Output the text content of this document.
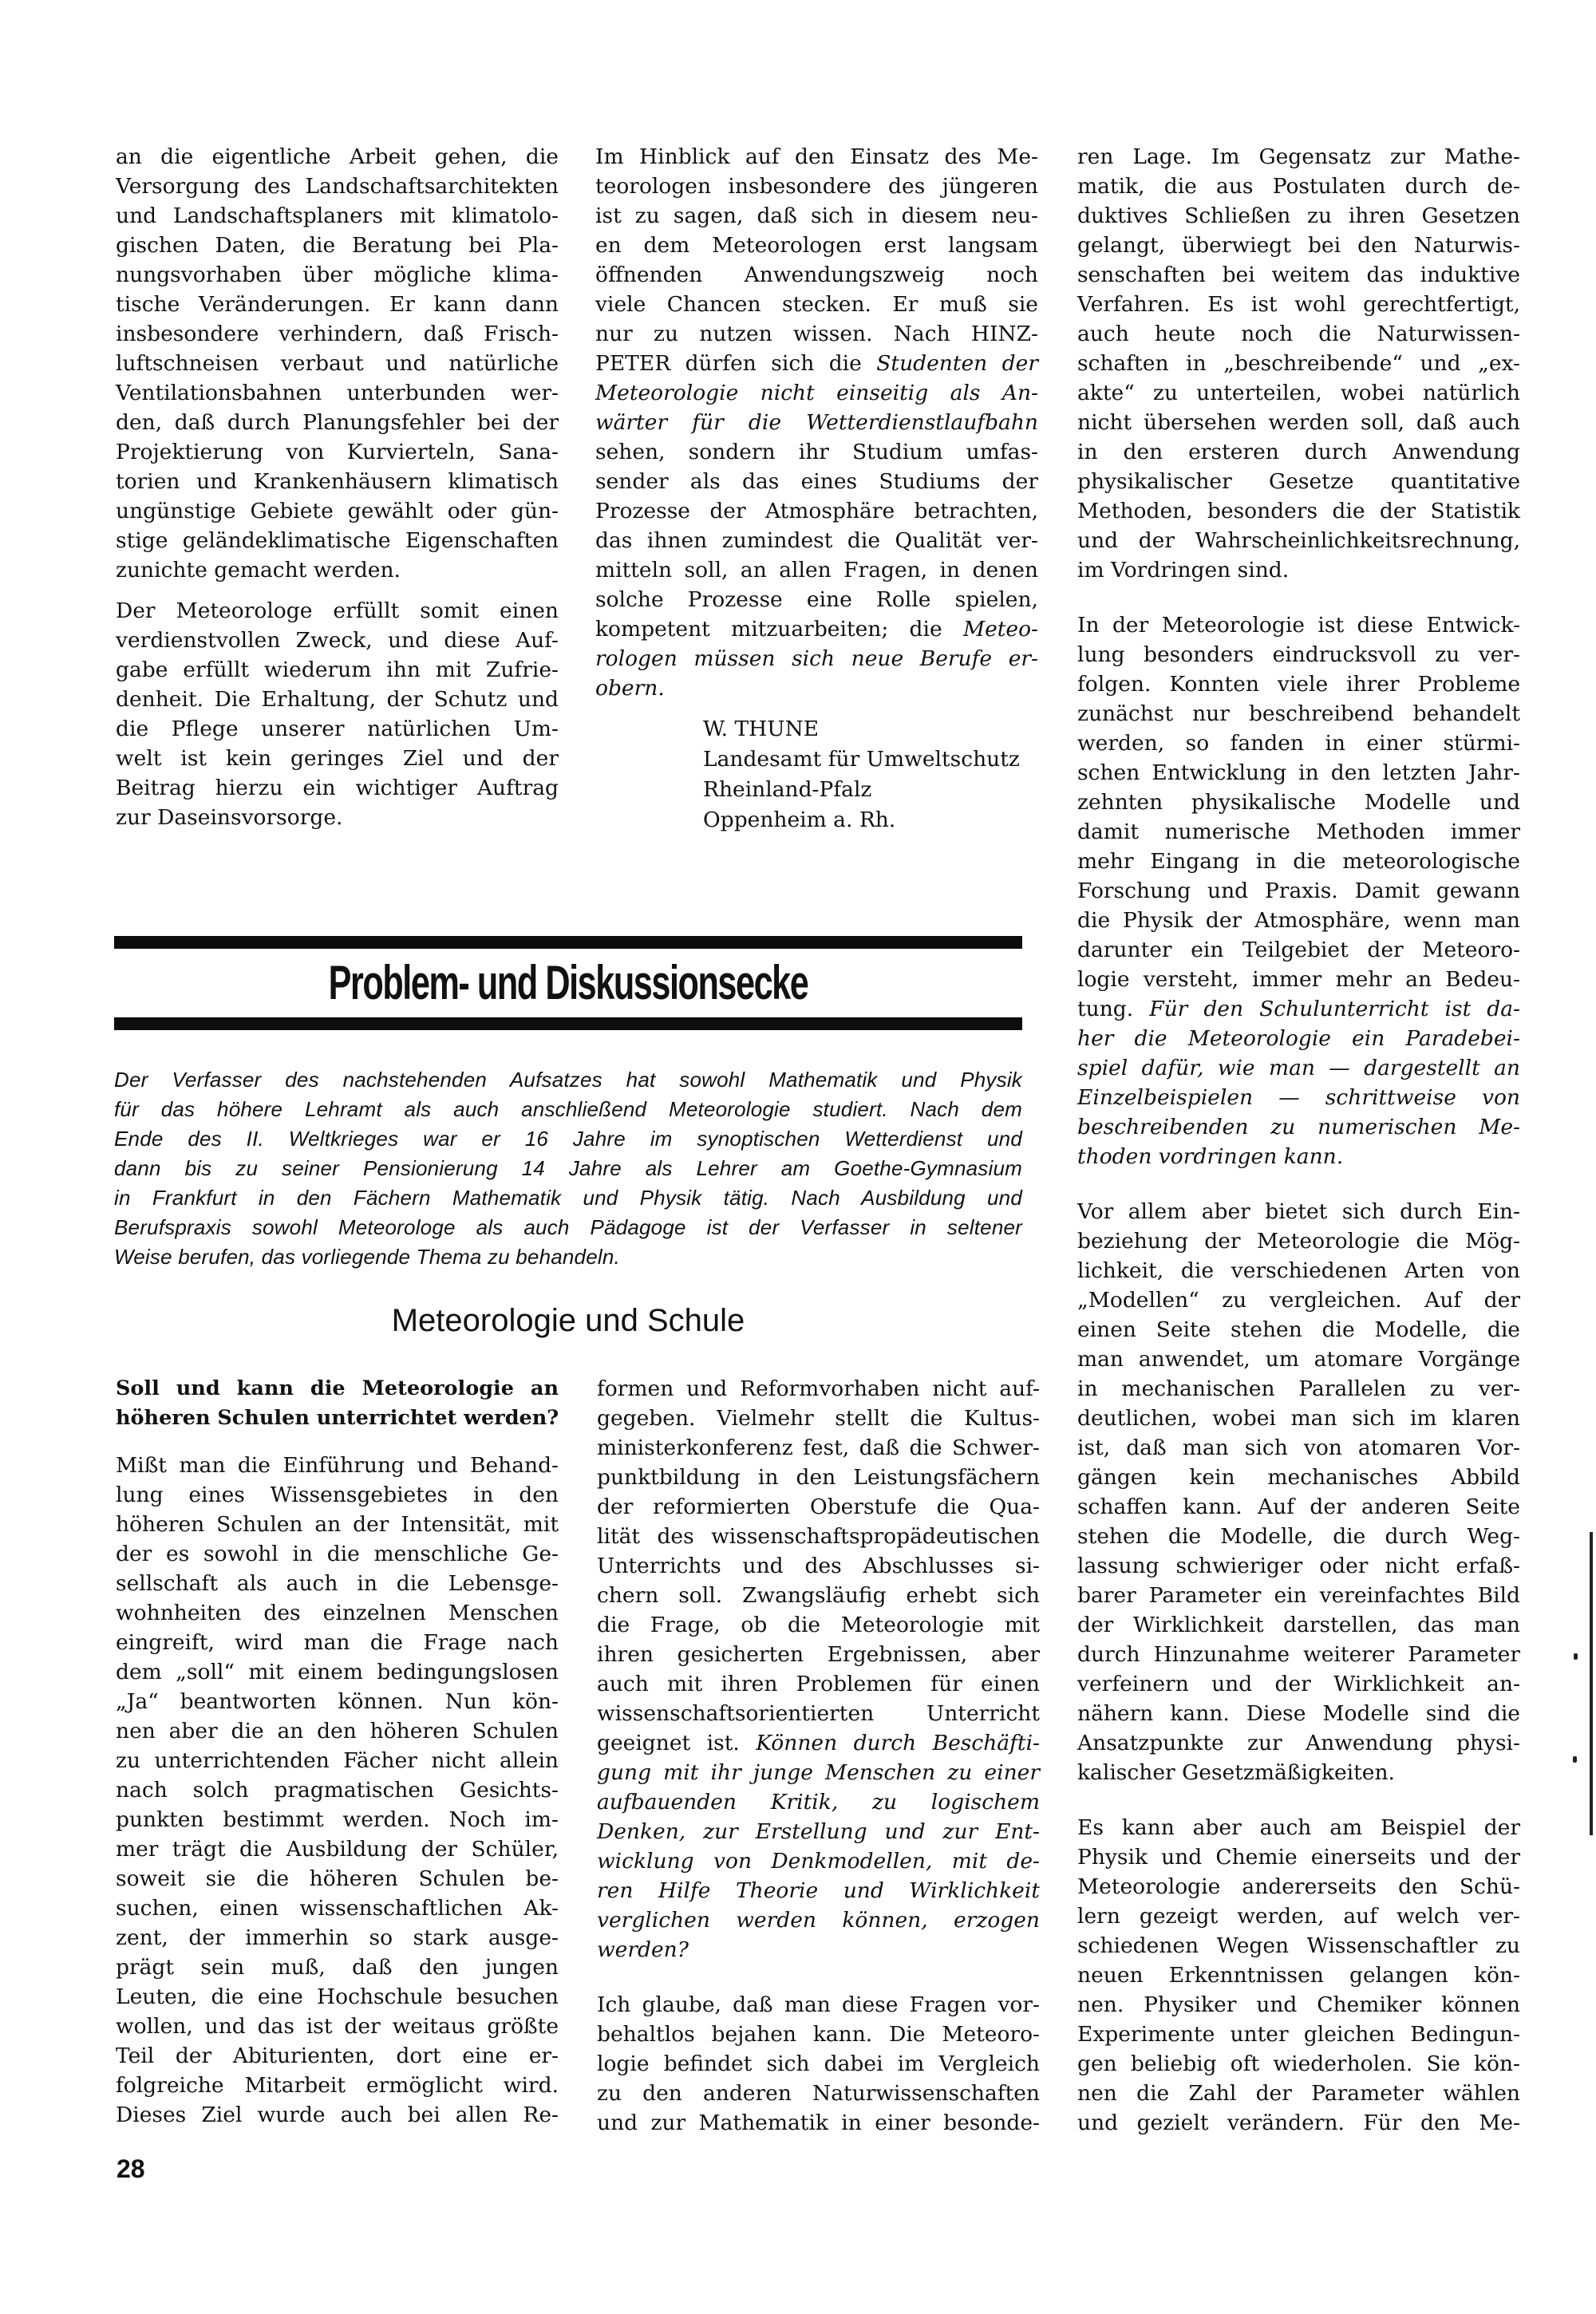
an die eigentliche Arbeit gehen, die
Versorgung des Landschaftsarchitekten
und Landschaftsplaners mit klimatolo-
gischen Daten, die Beratung bei Pla-
nungsvorhaben über mögliche klima-
tische Veränderungen. Er kann dann
insbesondere verhindern, daß Frisch-
luftschneisen verbaut und natürliche
Ventilationsbahnen unterbunden wer-
den, daß durch Planungsfehler bei der
Projektierung von Kurvierteln, Sana-
torien und Krankenhäusern klimatisch
ungünstige Gebiete gewählt oder gün-
stige geländeklimatische Eigenschaften
zunichte gemacht werden.

Der Meteorologe erfüllt somit einen
verdienstvollen Zweck, und diese Auf-
gabe erfüllt wiederum ihn mit Zufrie-
denheit. Die Erhaltung, der Schutz und
die Pflege unserer natürlichen Um-
welt ist kein geringes Ziel und der
Beitrag hierzu ein wichtiger Auftrag
zur Daseinsvorsorge.

Im Hinblick auf den Einsatz des Me-
teorologen insbesondere des jüngeren
ist zu sagen, daß sich in diesem neu-
en dem Meteorologen erst langsam
öffnenden Anwendungszweig noch
viele Chancen stecken. Er muß sie
nur zu nutzen wissen. Nach HINZ-
PETER dürfen sich die Studenten der
Meteorologie nicht einseitig als An-
wärter für die Wetterdienstlaufbahn
sehen, sondern ihr Studium umfas-
sender als das eines Studiums der
Prozesse der Atmosphäre betrachten,
das ihnen zumindest die Qualität ver-
mitteln soll, an allen Fragen, in denen
solche Prozesse eine Rolle spielen,
kompetent mitzuarbeiten; die Meteo-
rologen müssen sich neue Berufe er-
obern.

W. THUNE
Landesamt für Umweltschutz
Rheinland-Pfalz
Oppenheim a. Rh.
Problem- und Diskussionsecke
Der Verfasser des nachstehenden Aufsatzes hat sowohl Mathematik und Physik
für das höhere Lehramt als auch anschließend Meteorologie studiert. Nach dem
Ende des II. Weltkrieges war er 16 Jahre im synoptischen Wetterdienst und
dann bis zu seiner Pensionierung 14 Jahre als Lehrer am Goethe-Gymnasium
in Frankfurt in den Fächern Mathematik und Physik tätig. Nach Ausbildung und
Berufspraxis sowohl Meteorologe als auch Pädagoge ist der Verfasser in seltener
Weise berufen, das vorliegende Thema zu behandeln.
Meteorologie und Schule

Soll und kann die Meteorologie an
höheren Schulen unterrichtet werden?

Mißt man die Einführung und Behand-
lung eines Wissensgebietes in den
höheren Schulen an der Intensität, mit
der es sowohl in die menschliche Ge-
sellschaft als auch in die Lebensge-
wohnheiten des einzelnen Menschen
eingreift, wird man die Frage nach
dem „soll“ mit einem bedingungslosen
„Ja“ beantworten können. Nun kön-
nen aber die an den höheren Schulen
zu unterrichtenden Fächer nicht allein
nach solch pragmatischen Gesichts-
punkten bestimmt werden. Noch im-
mer trägt die Ausbildung der Schüler,
soweit sie die höheren Schulen be-
suchen, einen wissenschaftlichen Ak-
zent, der immerhin so stark ausge-
prägt sein muß, daß den jungen
Leuten, die eine Hochschule besuchen
wollen, und das ist der weitaus größte
Teil der Abiturienten, dort eine er-
folgreiche Mitarbeit ermöglicht wird.
Dieses Ziel wurde auch bei allen Re-

formen und Reformvorhaben nicht auf-
gegeben. Vielmehr stellt die Kultus-
ministerkonferenz fest, daß die Schwer-
punktbildung in den Leistungsfächern
der reformierten Oberstufe die Qua-
lität des wissenschaftspropädeutischen
Unterrichts und des Abschlusses si-
chern soll. Zwangsläufig erhebt sich
die Frage, ob die Meteorologie mit
ihren gesicherten Ergebnissen, aber
auch mit ihren Problemen für einen
wissenschaftsorientierten Unterricht
geeignet ist. Können durch Beschäfti-
gung mit ihr junge Menschen zu einer
aufbauenden Kritik, zu logischem
Denken, zur Erstellung und zur Ent-
wicklung von Denkmodellen, mit de-
ren Hilfe Theorie und Wirklichkeit
verglichen werden können, erzogen
werden?

Ich glaube, daß man diese Fragen vor-
behaltlos bejahen kann. Die Meteoro-
logie befindet sich dabei im Vergleich
zu den anderen Naturwissenschaften
und zur Mathematik in einer besonde-

ren Lage. Im Gegensatz zur Mathe-
matik, die aus Postulaten durch de-
duktives Schließen zu ihren Gesetzen
gelangt, überwiegt bei den Naturwis-
senschaften bei weitem das induktive
Verfahren. Es ist wohl gerechtfertigt,
auch heute noch die Naturwissen-
schaften in „beschreibende“ und „ex-
akte“ zu unterteilen, wobei natürlich
nicht übersehen werden soll, daß auch
in den ersteren durch Anwendung
physikalischer Gesetze quantitative
Methoden, besonders die der Statistik
und der Wahrscheinlichkeitsrechnung,
im Vordringen sind.

In der Meteorologie ist diese Entwick-
lung besonders eindrucksvoll zu ver-
folgen. Konnten viele ihrer Probleme
zunächst nur beschreibend behandelt
werden, so fanden in einer stürmi-
schen Entwicklung in den letzten Jahr-
zehnten physikalische Modelle und
damit numerische Methoden immer
mehr Eingang in die meteorologische
Forschung und Praxis. Damit gewann
die Physik der Atmosphäre, wenn man
darunter ein Teilgebiet der Meteoro-
logie versteht, immer mehr an Bedeu-
tung. Für den Schulunterricht ist da-
her die Meteorologie ein Paradebei-
spiel dafür, wie man — dargestellt an
Einzelbeispielen — schrittweise von
beschreibenden zu numerischen Me-
thoden vordringen kann.

Vor allem aber bietet sich durch Ein-
beziehung der Meteorologie die Mög-
lichkeit, die verschiedenen Arten von
„Modellen“ zu vergleichen. Auf der
einen Seite stehen die Modelle, die
man anwendet, um atomare Vorgänge
in mechanischen Parallelen zu ver-
deutlichen, wobei man sich im klaren
ist, daß man sich von atomaren Vor-
gängen kein mechanisches Abbild
schaffen kann. Auf der anderen Seite
stehen die Modelle, die durch Weg-
lassung schwieriger oder nicht erfaß-
barer Parameter ein vereinfachtes Bild
der Wirklichkeit darstellen, das man
durch Hinzunahme weiterer Parameter
verfeinern und der Wirklichkeit an-
nähern kann. Diese Modelle sind die
Ansatzpunkte zur Anwendung physi-
kalischer Gesetzmäßigkeiten.

Es kann aber auch am Beispiel der
Physik und Chemie einerseits und der
Meteorologie andererseits den Schü-
lern gezeigt werden, auf welch ver-
schiedenen Wegen Wissenschaftler zu
neuen Erkenntnissen gelangen kön-
nen. Physiker und Chemiker können
Experimente unter gleichen Bedingun-
gen beliebig oft wiederholen. Sie kön-
nen die Zahl der Parameter wählen
und gezielt verändern. Für den Me-

28
